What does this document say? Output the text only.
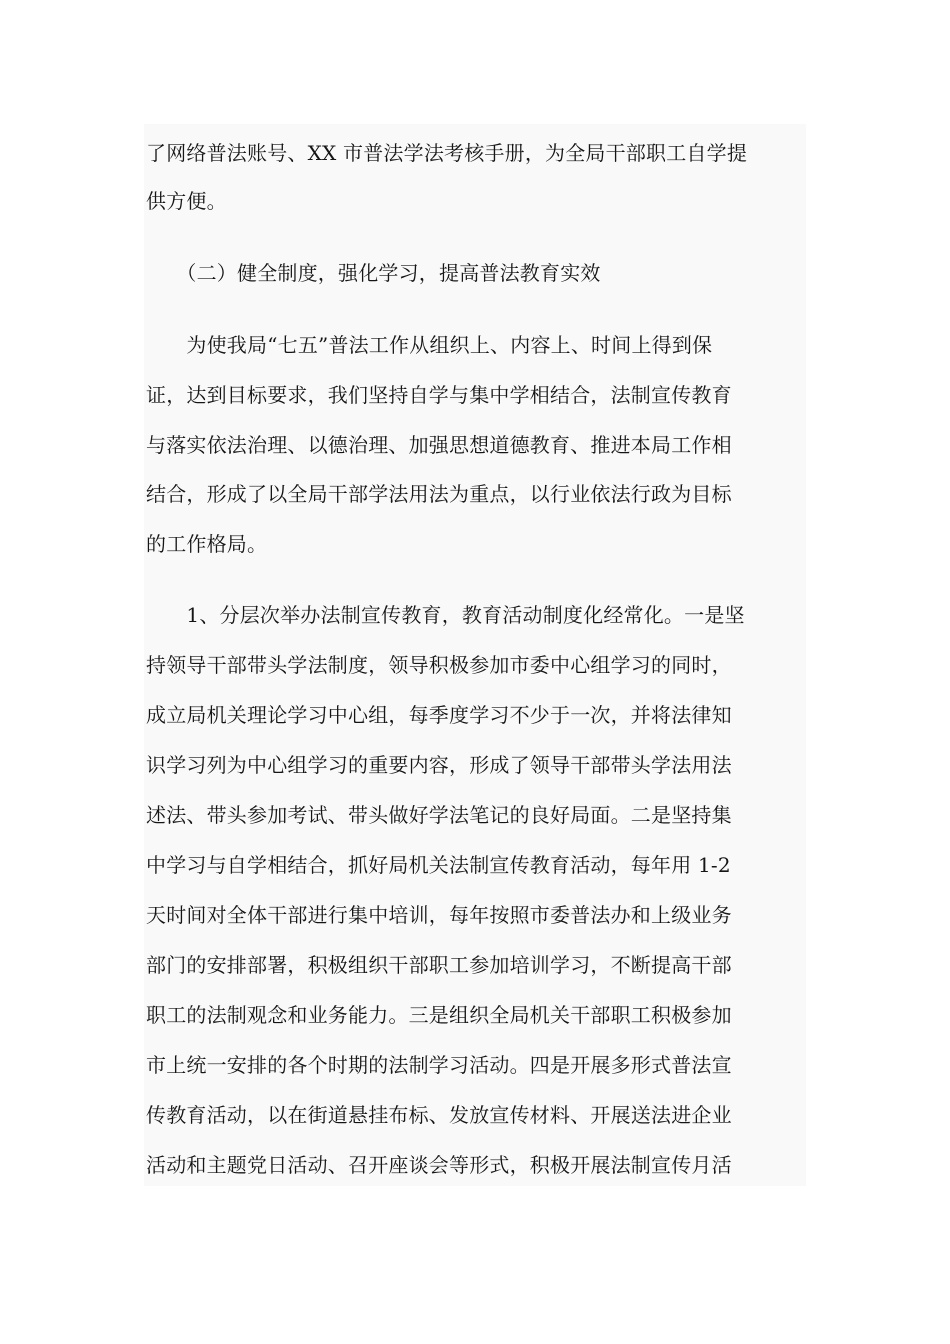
了网络普法账号、XX 市普法学法考核手册，为全局干部职工自学提
供方便。
　　（二）健全制度，强化学习，提高普法教育实效
　　为使我局“七五”普法工作从组织上、内容上、时间上得到保
证，达到目标要求，我们坚持自学与集中学相结合，法制宣传教育
与落实依法治理、以德治理、加强思想道德教育、推进本局工作相
结合，形成了以全局干部学法用法为重点，以行业依法行政为目标
的工作格局。
　　1、分层次举办法制宣传教育，教育活动制度化经常化。一是坚
持领导干部带头学法制度，领导积极参加市委中心组学习的同时，
成立局机关理论学习中心组，每季度学习不少于一次，并将法律知
识学习列为中心组学习的重要内容，形成了领导干部带头学法用法
述法、带头参加考试、带头做好学法笔记的良好局面。二是坚持集
中学习与自学相结合，抓好局机关法制宣传教育活动，每年用 1-2
天时间对全体干部进行集中培训，每年按照市委普法办和上级业务
部门的安排部署，积极组织干部职工参加培训学习，不断提高干部
职工的法制观念和业务能力。三是组织全局机关干部职工积极参加
市上统一安排的各个时期的法制学习活动。四是开展多形式普法宣
传教育活动，以在街道悬挂布标、发放宣传材料、开展送法进企业
活动和主题党日活动、召开座谈会等形式，积极开展法制宣传月活
